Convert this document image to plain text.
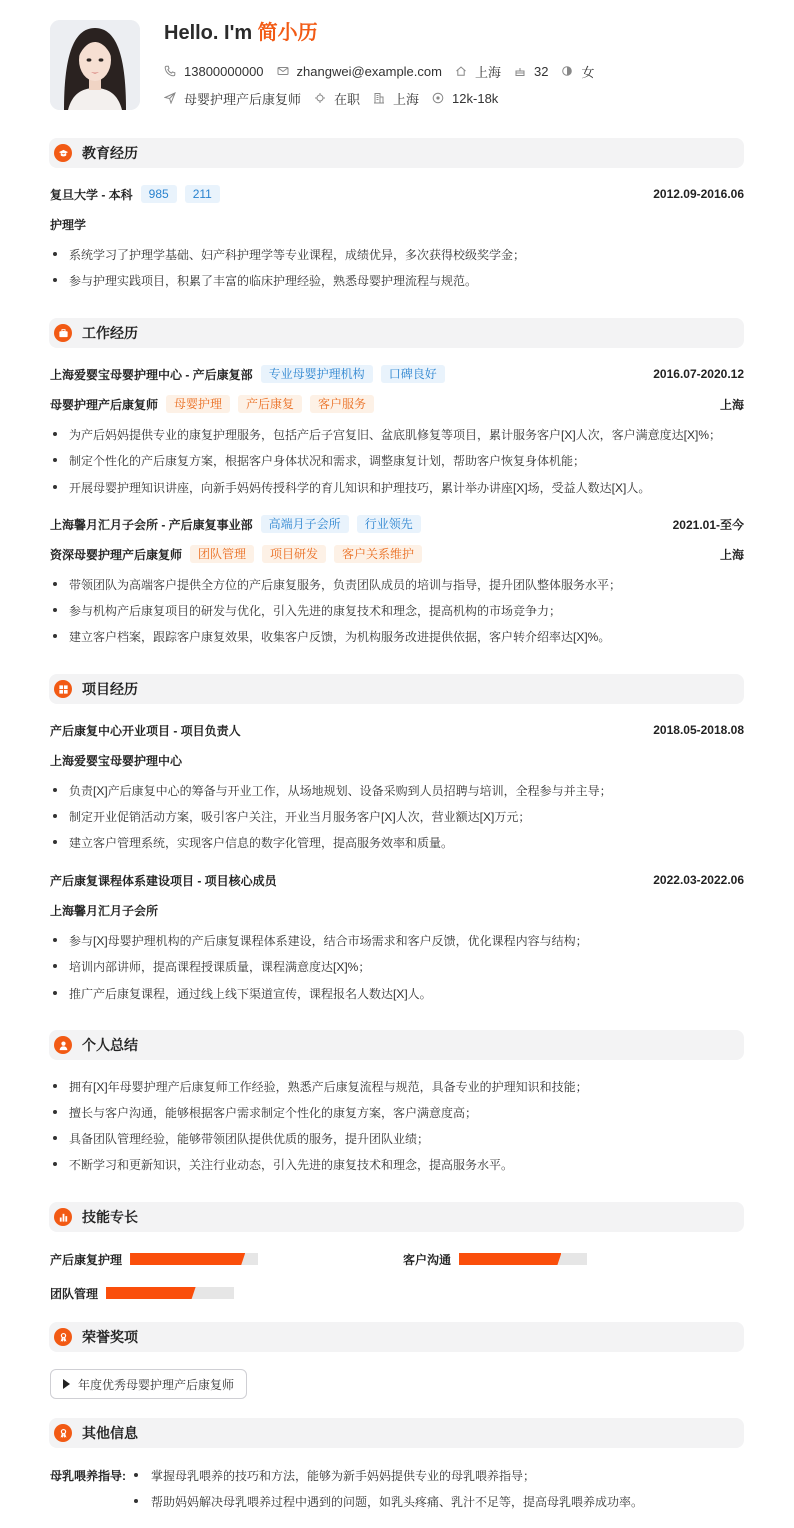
Hello. I'm 简小历
13800000000	zhangwei@example.com	上海	32	女
母婴护理产后康复师	在职	上海	12k-18k
教育经历
复旦大学 - 本科	985	211	2012.09-2016.06
护理学
系统学习了护理学基础、妇产科护理学等专业课程，成绩优异，多次获得校级奖学金；
参与护理实践项目，积累了丰富的临床护理经验，熟悉母婴护理流程与规范。
工作经历
上海爱婴宝母婴护理中心 - 产后康复部	专业母婴护理机构	口碑良好	2016.07-2020.12
母婴护理产后康复师	母婴护理	产后康复	客户服务	上海
为产后妈妈提供专业的康复护理服务，包括产后子宫复旧、盆底肌修复等项目，累计服务客户[X]人次，客户满意度达[X]%；
制定个性化的产后康复方案，根据客户身体状况和需求，调整康复计划，帮助客户恢复身体机能；
开展母婴护理知识讲座，向新手妈妈传授科学的育儿知识和护理技巧，累计举办讲座[X]场，受益人数达[X]人。
上海馨月汇月子会所 - 产后康复事业部	高端月子会所	行业领先	2021.01-至今
资深母婴护理产后康复师	团队管理	项目研发	客户关系维护	上海
带领团队为高端客户提供全方位的产后康复服务，负责团队成员的培训与指导，提升团队整体服务水平；
参与机构产后康复项目的研发与优化，引入先进的康复技术和理念，提高机构的市场竞争力；
建立客户档案，跟踪客户康复效果，收集客户反馈，为机构服务改进提供依据，客户转介绍率达[X]%。
项目经历
产后康复中心开业项目 - 项目负责人	2018.05-2018.08
上海爱婴宝母婴护理中心
负责[X]产后康复中心的筹备与开业工作，从场地规划、设备采购到人员招聘与培训，全程参与并主导；
制定开业促销活动方案，吸引客户关注，开业当月服务客户[X]人次，营业额达[X]万元；
建立客户管理系统，实现客户信息的数字化管理，提高服务效率和质量。
产后康复课程体系建设项目 - 项目核心成员	2022.03-2022.06
上海馨月汇月子会所
参与[X]母婴护理机构的产后康复课程体系建设，结合市场需求和客户反馈，优化课程内容与结构；
培训内部讲师，提高课程授课质量，课程满意度达[X]%；
推广产后康复课程，通过线上线下渠道宣传，课程报名人数达[X]人。
个人总结
拥有[X]年母婴护理产后康复师工作经验，熟悉产后康复流程与规范，具备专业的护理知识和技能；
擅长与客户沟通，能够根据客户需求制定个性化的康复方案，客户满意度高；
具备团队管理经验，能够带领团队提供优质的服务，提升团队业绩；
不断学习和更新知识，关注行业动态，引入先进的康复技术和理念，提高服务水平。
技能专长
产后康复护理	客户沟通
团队管理
荣誉奖项
年度优秀母婴护理产后康复师
其他信息
母乳喂养指导:	掌握母乳喂养的技巧和方法，能够为新手妈妈提供专业的母乳喂养指导；
帮助妈妈解决母乳喂养过程中遇到的问题，如乳头疼痛、乳汁不足等，提高母乳喂养成功率。
